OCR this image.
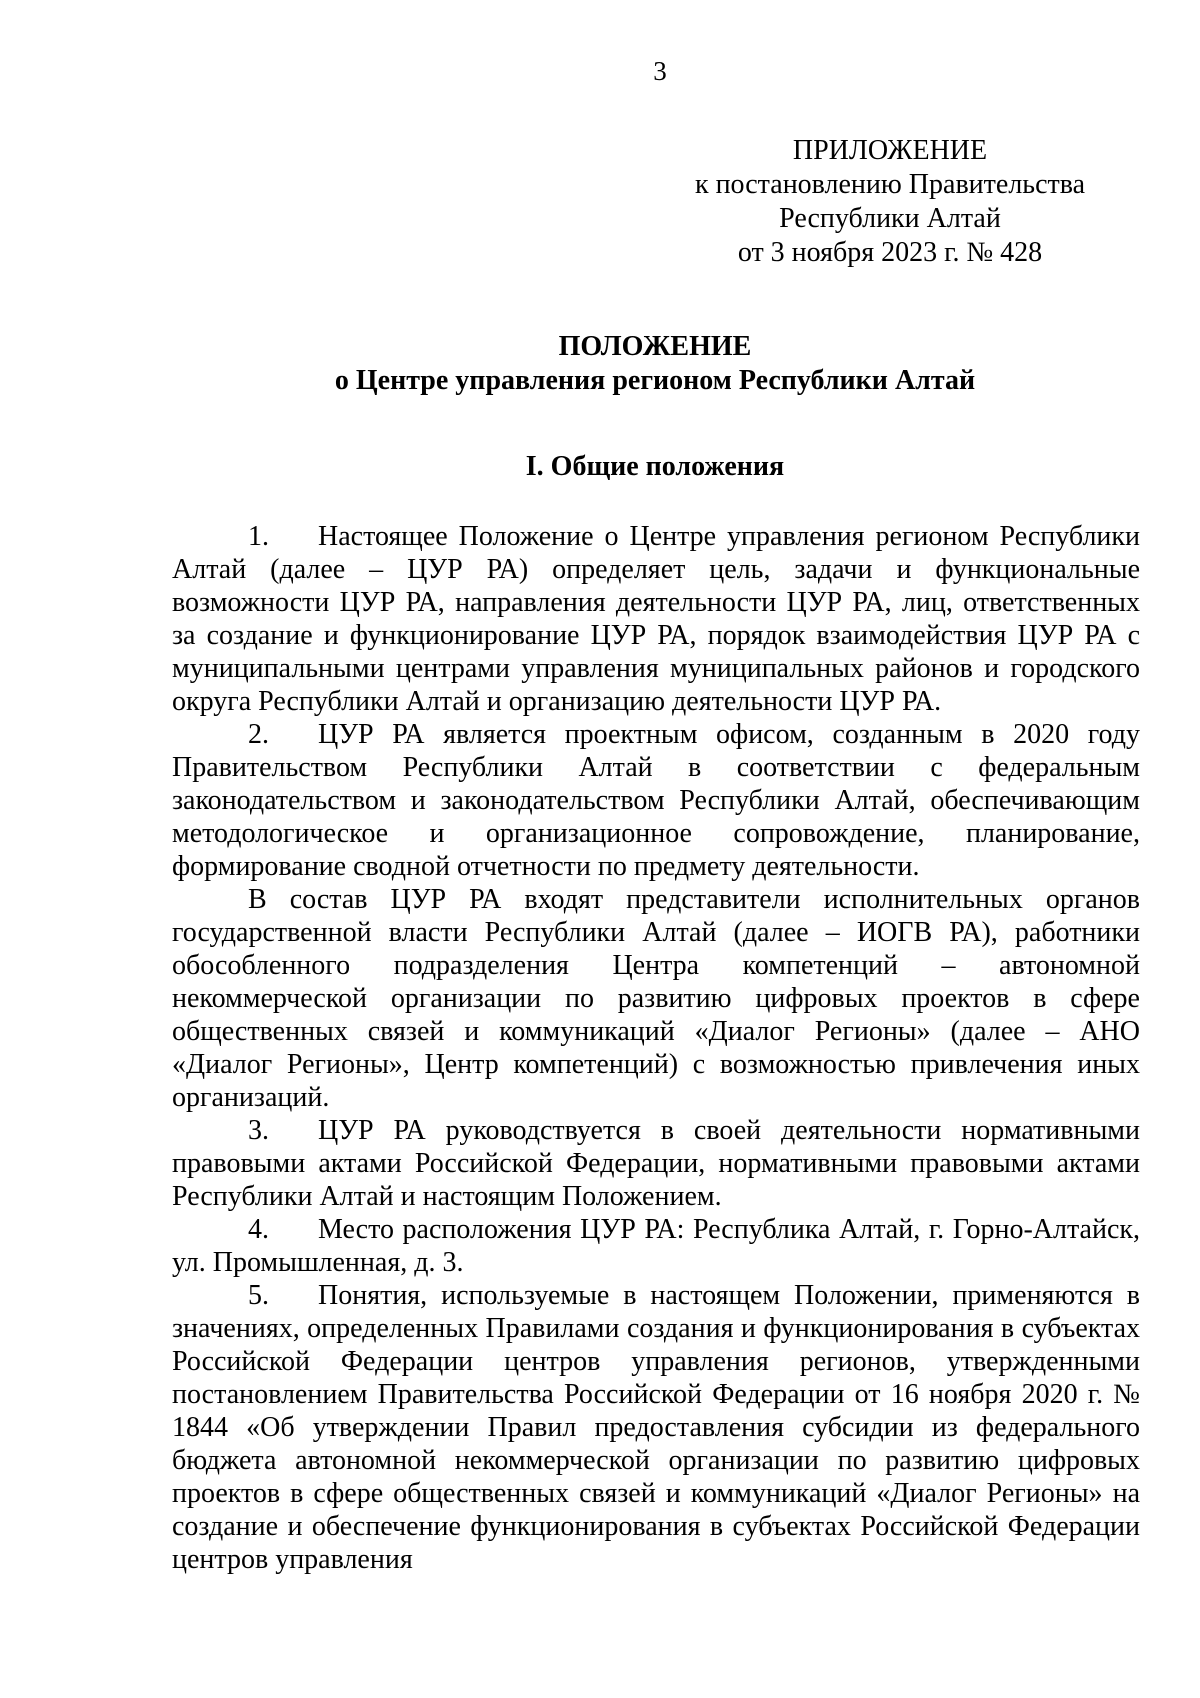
3
ПРИЛОЖЕНИЕ
к постановлению Правительства
Республики Алтай
от 3 ноября 2023 г. № 428
ПОЛОЖЕНИЕ
о Центре управления регионом Республики Алтай
I. Общие положения

1. Настоящее Положение о Центре управления регионом Республики Алтай (далее – ЦУР РА) определяет цель, задачи и функциональные возможности ЦУР РА, направления деятельности ЦУР РА, лиц, ответственных за создание и функционирование ЦУР РА, порядок взаимодействия ЦУР РА с муниципальными центрами управления муниципальных районов и городского округа Республики Алтай и организацию деятельности ЦУР РА.

2. ЦУР РА является проектным офисом, созданным в 2020 году Правительством Республики Алтай в соответствии с федеральным законодательством и законодательством Республики Алтай, обеспечивающим методологическое и организационное сопровождение, планирование, формирование сводной отчетности по предмету деятельности.

В состав ЦУР РА входят представители исполнительных органов государственной власти Республики Алтай (далее – ИОГВ РА), работники обособленного подразделения Центра компетенций – автономной некоммерческой организации по развитию цифровых проектов в сфере общественных связей и коммуникаций «Диалог Регионы» (далее – АНО «Диалог Регионы», Центр компетенций) с возможностью привлечения иных организаций.

3. ЦУР РА руководствуется в своей деятельности нормативными правовыми актами Российской Федерации, нормативными правовыми актами Республики Алтай и настоящим Положением.

4. Место расположения ЦУР РА: Республика Алтай, г. Горно-Алтайск, ул. Промышленная, д. 3.

5. Понятия, используемые в настоящем Положении, применяются в значениях, определенных Правилами создания и функционирования в субъектах Российской Федерации центров управления регионов, утвержденными постановлением Правительства Российской Федерации от 16 ноября 2020 г. № 1844 «Об утверждении Правил предоставления субсидии из федерального бюджета автономной некоммерческой организации по развитию цифровых проектов в сфере общественных связей и коммуникаций «Диалог Регионы» на создание и обеспечение функционирования в субъектах Российской Федерации центров управления
